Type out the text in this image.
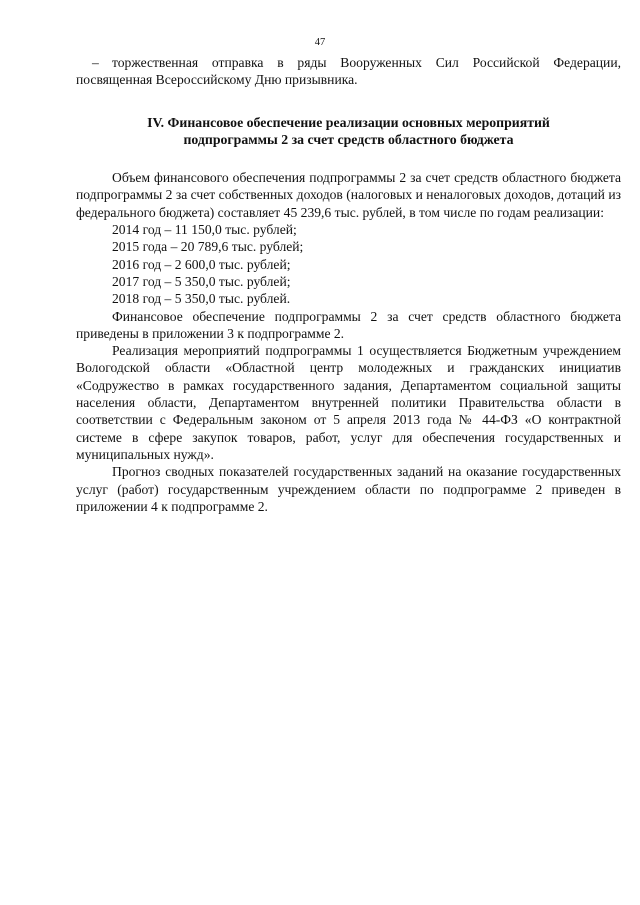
47

– торжественная отправка в ряды Вооруженных Сил Российской Федерации, посвященная Всероссийскому Дню призывника.

IV. Финансовое обеспечение реализации основных мероприятий
подпрограммы 2 за счет средств областного бюджета

Объем финансового обеспечения подпрограммы 2 за счет средств областного бюджета подпрограммы 2 за счет собственных доходов (налоговых и неналоговых доходов, дотаций из федерального бюджета) составляет 45 239,6 тыс. рублей, в том числе по годам реализации:

2014 год – 11 150,0 тыс. рублей;

2015 года – 20 789,6 тыс. рублей;

2016 год – 2 600,0 тыс. рублей;

2017 год – 5 350,0 тыс. рублей;

2018 год – 5 350,0 тыс. рублей.

Финансовое обеспечение подпрограммы 2 за счет средств областного бюджета приведены в приложении 3 к подпрограмме 2.

Реализация мероприятий подпрограммы 1 осуществляется Бюджетным учреждением Вологодской области «Областной центр молодежных и гражданских инициатив «Содружество в рамках государственного задания, Департаментом социальной защиты населения области, Департаментом внутренней политики Правительства области в соответствии с Федеральным законом от 5 апреля 2013 года № 44-ФЗ «О контрактной системе в сфере закупок товаров, работ, услуг для обеспечения государственных и муниципальных нужд».

Прогноз сводных показателей государственных заданий на оказание государственных услуг (работ) государственным учреждением области по подпрограмме 2 приведен в приложении 4 к подпрограмме 2.
